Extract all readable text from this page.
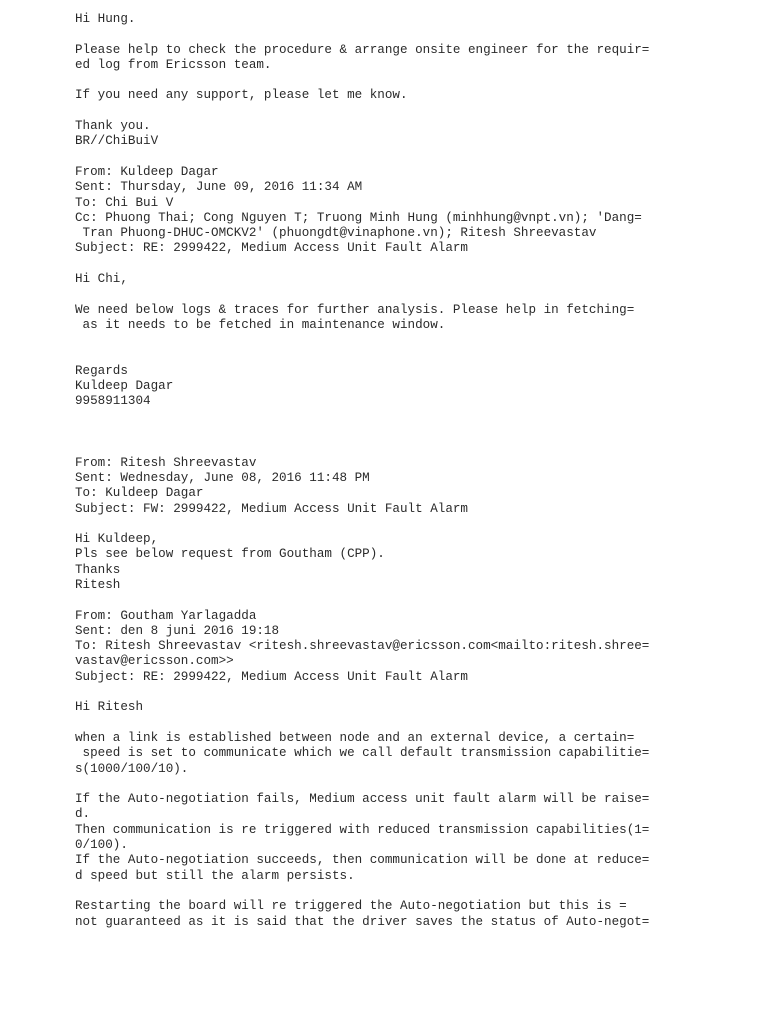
Hi Hung.
Please help to check the procedure & arrange onsite engineer for the requir=
ed log from Ericsson team.
If you need any support, please let me know.
Thank you.
BR//ChiBuiV
From: Kuldeep Dagar
Sent: Thursday, June 09, 2016 11:34 AM
To: Chi Bui V
Cc: Phuong Thai; Cong Nguyen T; Truong Minh Hung (minhhung@vnpt.vn); 'Dang=
Tran Phuong-DHUC-OMCKV2' (phuongdt@vinaphone.vn); Ritesh Shreevastav
Subject: RE: 2999422, Medium Access Unit Fault Alarm
Hi Chi,
We need below logs & traces for further analysis. Please help in fetching=
as it needs to be fetched in maintenance window.
Regards
Kuldeep Dagar
9958911304
From: Ritesh Shreevastav
Sent: Wednesday, June 08, 2016 11:48 PM
To: Kuldeep Dagar
Subject: FW: 2999422, Medium Access Unit Fault Alarm
Hi Kuldeep,
Pls see below request from Goutham (CPP).
Thanks
Ritesh
From: Goutham Yarlagadda
Sent: den 8 juni 2016 19:18
To: Ritesh Shreevastav <ritesh.shreevastav@ericsson.com<mailto:ritesh.shree=
vastav@ericsson.com>>
Subject: RE: 2999422, Medium Access Unit Fault Alarm
Hi Ritesh
when a link is established between node and an external device, a certain=
speed is set to communicate which we call default transmission capabilitie=
s(1000/100/10).
If the Auto-negotiation fails, Medium access unit fault alarm will be raise=
d.
Then communication is re triggered with reduced transmission capabilities(1=
0/100).
If the Auto-negotiation succeeds, then communication will be done at reduce=
d speed but still the alarm persists.
Restarting the board will re triggered the Auto-negotiation but this is =
not guaranteed as it is said that the driver saves the status of Auto-negot=
